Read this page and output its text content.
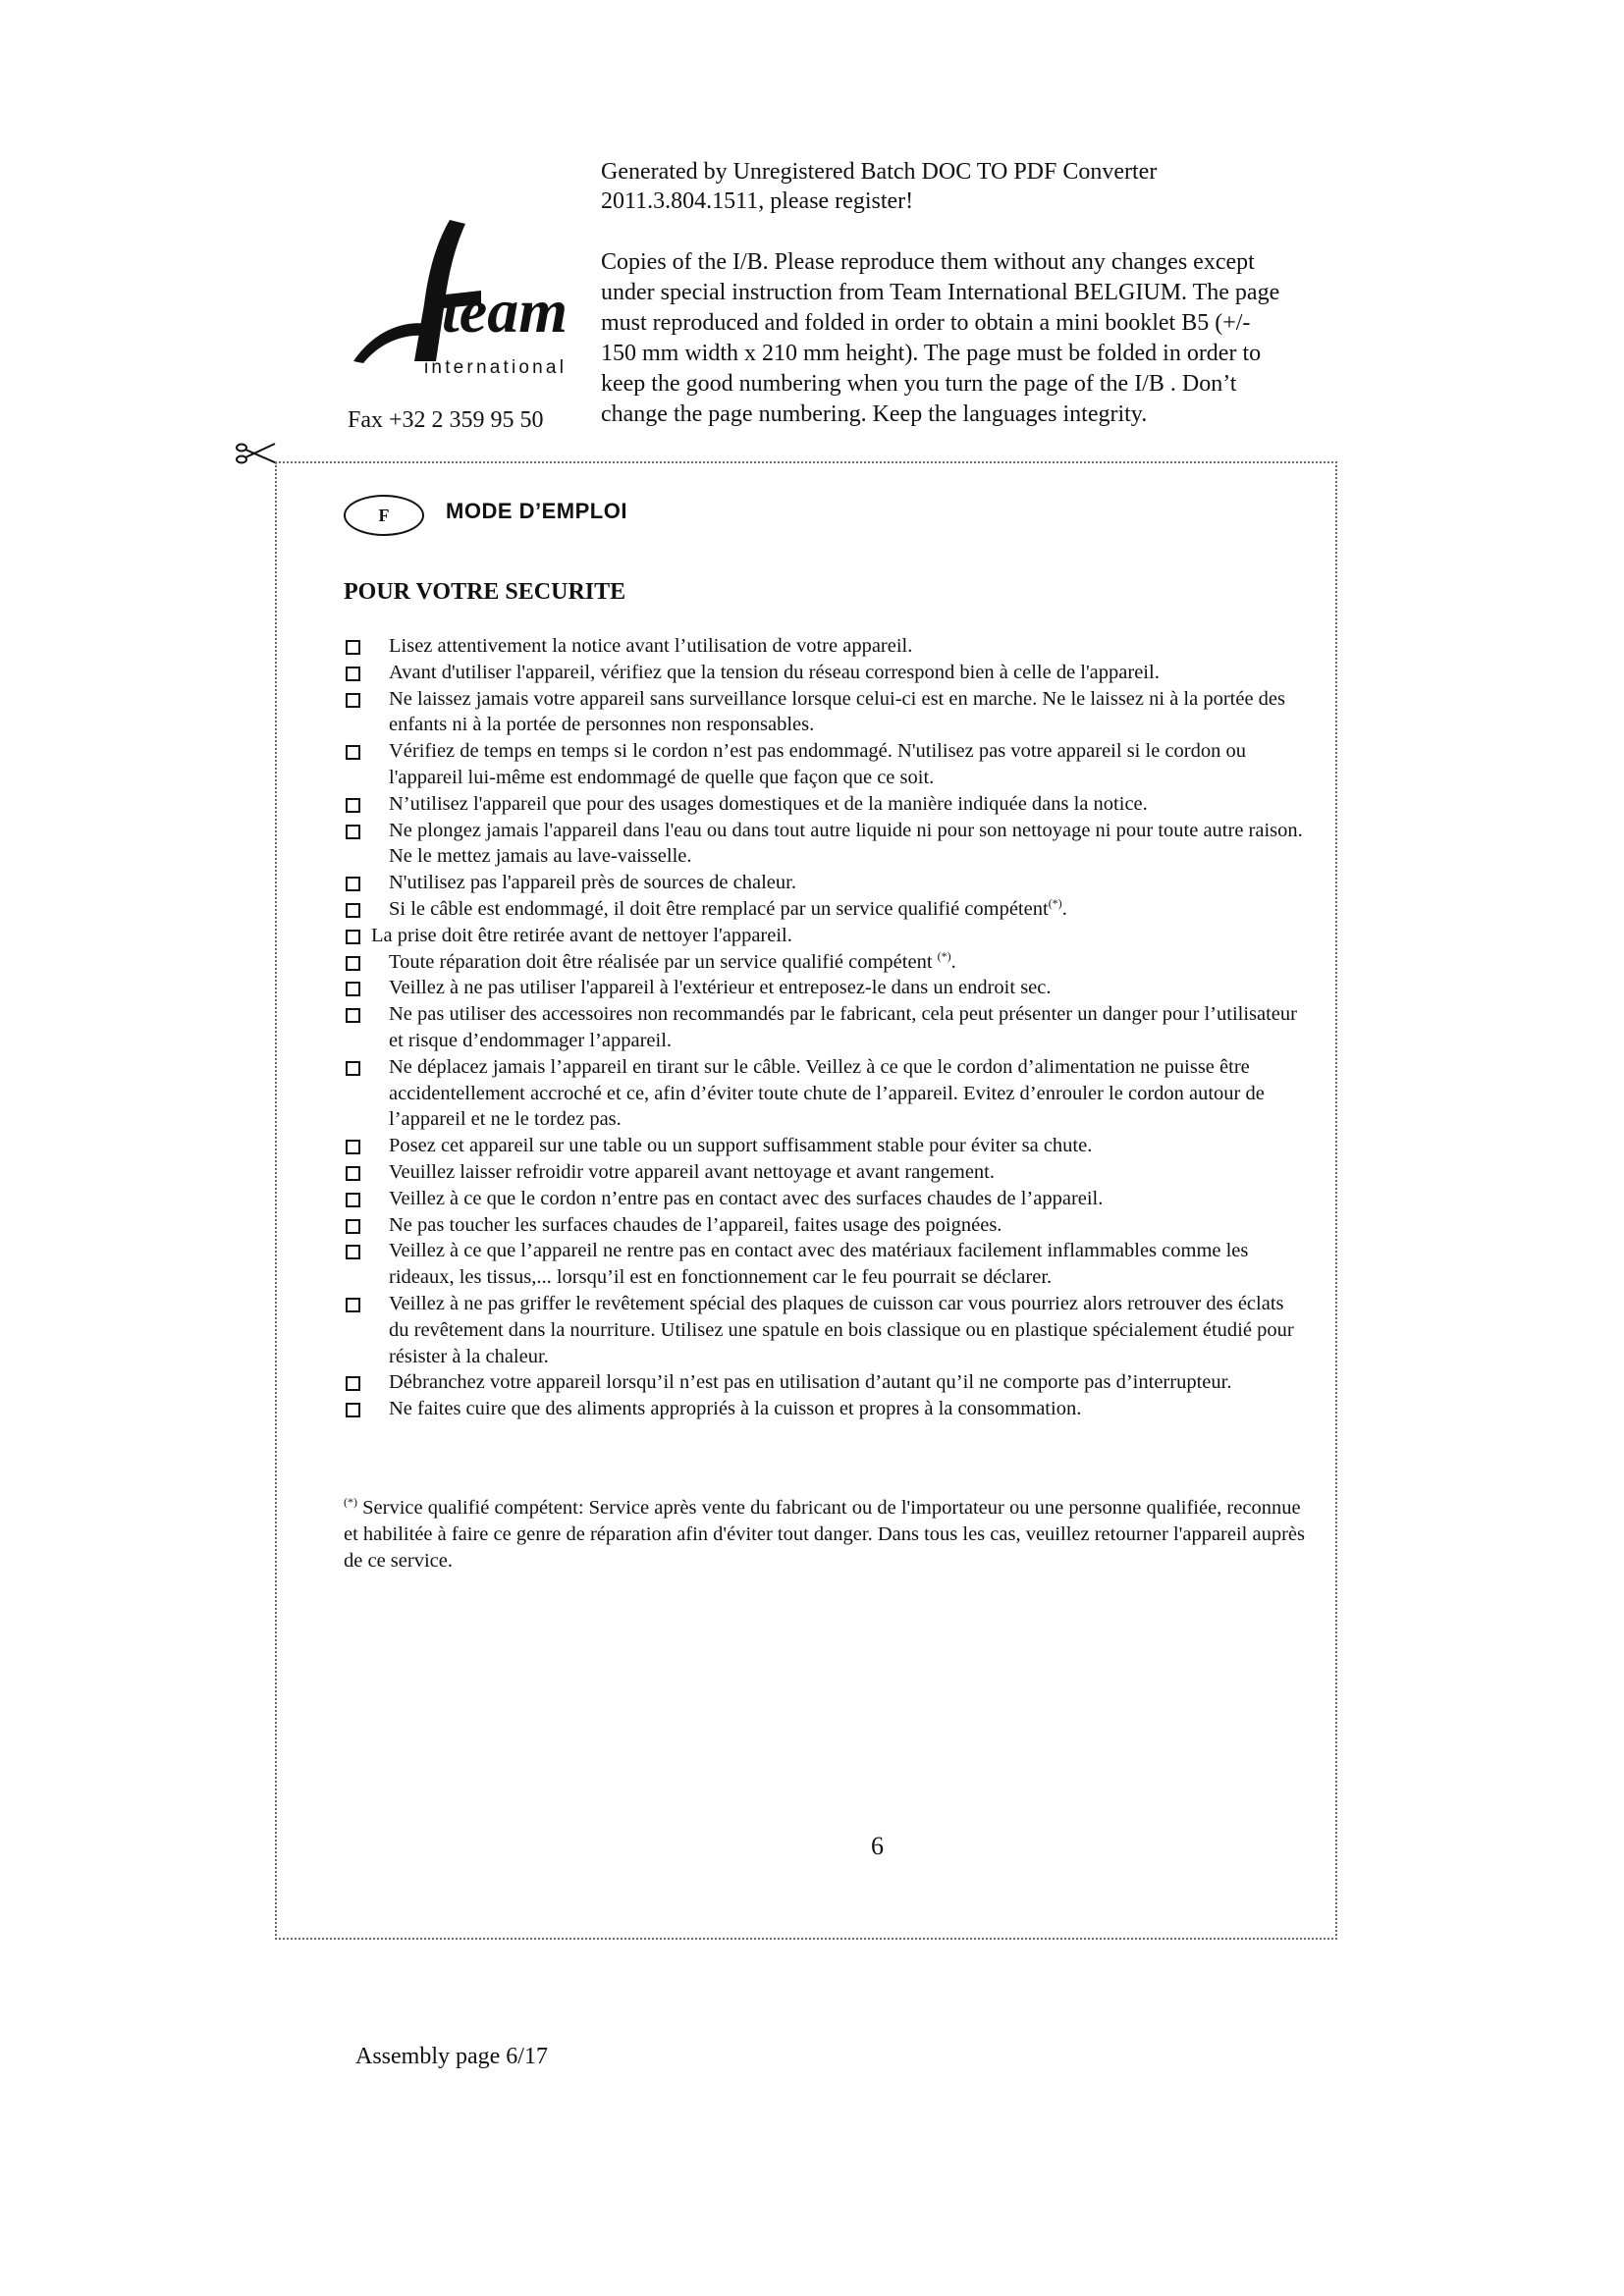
Generated by Unregistered Batch DOC TO PDF Converter 2011.3.804.1511, please register!
Copies of the I/B. Please reproduce them without any changes except under special instruction from Team International BELGIUM. The page must reproduced and folded in order to obtain a mini booklet B5 (+/- 150 mm width x 210 mm height). The page must be folded in order to keep the good numbering when you turn the page of the I/B . Don’t change the page numbering. Keep the languages integrity.
team
international
Fax +32 2 359 95 50
F	MODE D’EMPLOI
POUR VOTRE SECURITE
Lisez attentivement la notice avant l’utilisation de votre appareil.
Avant d'utiliser l'appareil, vérifiez que la tension du réseau correspond bien à celle de l'appareil.
Ne laissez jamais votre appareil sans surveillance lorsque celui-ci est en marche. Ne le laissez ni à la portée des enfants ni à la portée de personnes non responsables.
Vérifiez de temps en temps si le cordon n’est pas endommagé. N'utilisez pas votre appareil si le cordon ou l'appareil lui-même est endommagé de quelle que façon que ce soit.
N’utilisez l'appareil que pour des usages domestiques et de la manière indiquée dans la notice.
Ne plongez jamais l'appareil dans l'eau ou dans tout autre liquide ni pour son nettoyage ni pour toute autre raison. Ne le mettez jamais au lave-vaisselle.
N'utilisez pas l'appareil près de sources de chaleur.
Si le câble est endommagé, il doit être remplacé par un service qualifié compétent(*).
La prise doit être retirée avant de nettoyer l'appareil.
Toute réparation doit être réalisée par un service qualifié compétent (*).
Veillez à ne pas utiliser l'appareil à l'extérieur et entreposez-le dans un endroit sec.
Ne pas utiliser des accessoires non recommandés par le fabricant, cela peut présenter un danger pour l’utilisateur et risque d’endommager l’appareil.
Ne déplacez jamais l’appareil en tirant sur le câble. Veillez à ce que le cordon d’alimentation ne puisse être accidentellement accroché et ce, afin d’éviter toute chute de l’appareil. Evitez d’enrouler le cordon autour de l’appareil et ne le tordez pas.
Posez cet appareil sur une table ou un support suffisamment stable pour éviter sa chute.
Veuillez laisser refroidir votre appareil avant nettoyage et avant rangement.
Veillez à ce que le cordon n’entre pas en contact avec des surfaces chaudes de l’appareil.
Ne pas toucher les surfaces chaudes de l’appareil, faites usage des poignées.
Veillez à ce que l’appareil ne rentre pas en contact avec des matériaux facilement inflammables comme les rideaux, les tissus,... lorsqu’il est en fonctionnement car le feu pourrait se déclarer.
Veillez à ne pas griffer le revêtement spécial des plaques de cuisson car vous pourriez alors retrouver des éclats du revêtement dans la nourriture. Utilisez une spatule en bois classique ou en plastique spécialement étudié pour résister à la chaleur.
Débranchez votre appareil lorsqu’il n’est pas en utilisation d’autant qu’il ne comporte pas d’interrupteur.
Ne faites cuire que des aliments appropriés à la cuisson et propres à la consommation.
(*) Service qualifié compétent: Service après vente du fabricant ou de l'importateur ou une personne qualifiée, reconnue et habilitée à faire ce genre de réparation afin d'éviter tout danger. Dans tous les cas, veuillez retourner l'appareil auprès de ce service.
6
Assembly page 6/17
